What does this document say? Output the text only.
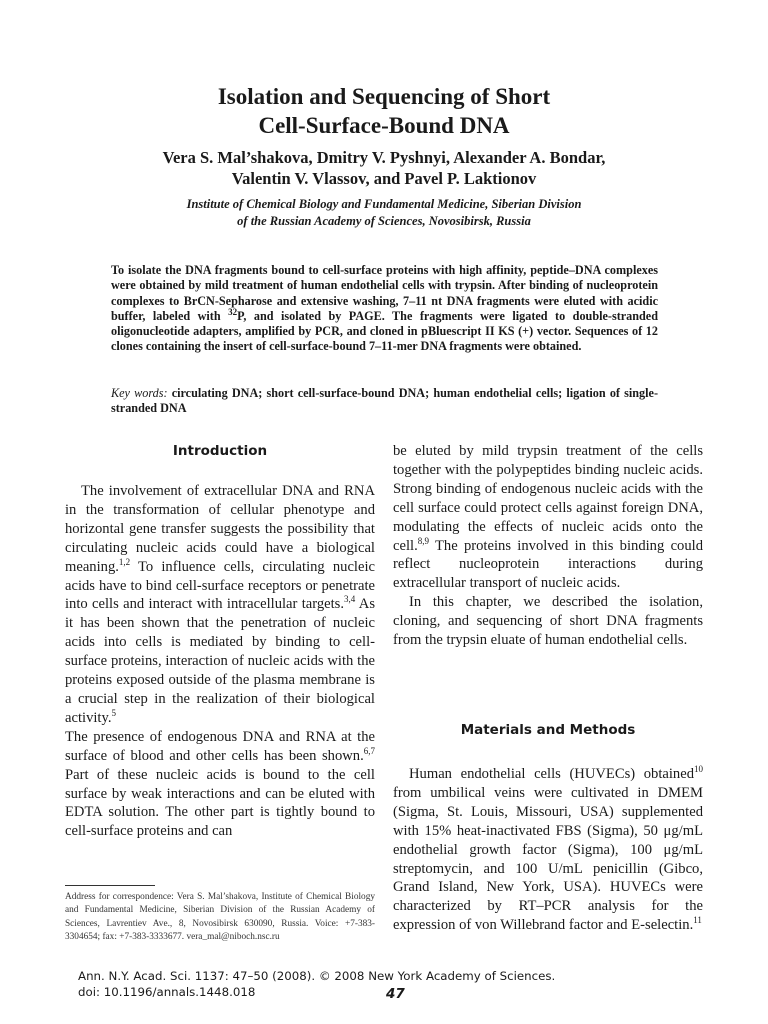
Isolation and Sequencing of Short
Cell-Surface-Bound DNA
Vera S. Mal’shakova, Dmitry V. Pyshnyi, Alexander A. Bondar,
Valentin V. Vlassov, and Pavel P. Laktionov
Institute of Chemical Biology and Fundamental Medicine, Siberian Division
of the Russian Academy of Sciences, Novosibirsk, Russia
To isolate the DNA fragments bound to cell-surface proteins with high affinity, peptide–DNA complexes were obtained by mild treatment of human endothelial cells with trypsin. After binding of nucleoprotein complexes to BrCN-Sepharose and extensive washing, 7–11 nt DNA fragments were eluted with acidic buffer, labeled with $^{32}$P, and isolated by PAGE. The fragments were ligated to double-stranded oligonucleotide adapters, amplified by PCR, and cloned in pBluescript II KS (+) vector. Sequences of 12 clones containing the insert of cell-surface-bound 7–11-mer DNA fragments were obtained.
Key words: circulating DNA; short cell-surface-bound DNA; human endothelial cells; ligation of single-stranded DNA
Introduction

The involvement of extracellular DNA and RNA in the transformation of cellular phenotype and horizontal gene transfer suggests the possibility that circulating nucleic acids could have a biological meaning.$^{1,2}$ To influence cells, circulating nucleic acids have to bind cell-surface receptors or penetrate into cells and interact with intracellular targets.$^{3,4}$ As it has been shown that the penetration of nucleic acids into cells is mediated by binding to cell-surface proteins, interaction of nucleic acids with the proteins exposed outside of the plasma membrane is a crucial step in the realization of their biological activity.$^5$

The presence of endogenous DNA and RNA at the surface of blood and other cells has been shown.$^{6,7}$ Part of these nucleic acids is bound to the cell surface by weak interactions and can be eluted with EDTA solution. The other part is tightly bound to cell-surface proteins and can

be eluted by mild trypsin treatment of the cells together with the polypeptides binding nucleic acids. Strong binding of endogenous nucleic acids with the cell surface could protect cells against foreign DNA, modulating the effects of nucleic acids onto the cell.$^{8,9}$ The proteins involved in this binding could reflect nucleoprotein interactions during extracellular transport of nucleic acids.

In this chapter, we described the isolation, cloning, and sequencing of short DNA fragments from the trypsin eluate of human endothelial cells.

Materials and Methods

Human endothelial cells (HUVECs) obtained$^{10}$ from umbilical veins were cultivated in DMEM (Sigma, St. Louis, Missouri, USA) supplemented with 15% heat-inactivated FBS (Sigma), 50 μg/mL endothelial growth factor (Sigma), 100 μg/mL streptomycin, and 100 U/mL penicillin (Gibco, Grand Island, New York, USA). HUVECs were characterized by RT–PCR analysis for the expression of von Willebrand factor and E-selectin.$^{11}$

Address for correspondence: Vera S. Mal’shakova, Institute of Chemical Biology and Fundamental Medicine, Siberian Division of the Russian Academy of Sciences, Lavrentiev Ave., 8, Novosibirsk 630090, Russia. Voice: +7-383-3304654; fax: +7-383-3333677. vera_mal@niboch.nsc.ru
Ann. N.Y. Acad. Sci. 1137: 47–50 (2008). © 2008 New York Academy of Sciences.
doi: 10.1196/annals.1448.018	47
